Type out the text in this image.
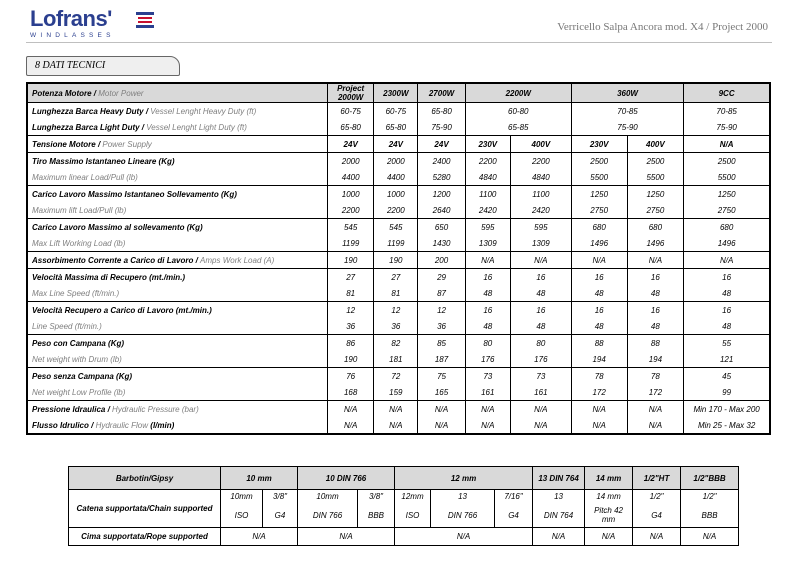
Lofrans'
WINDLASSES
Verricello Salpa Ancora mod. X4 / Project 2000
8 DATI TECNICI
Potenza Motore / Motor Power	Project 2000W	2300W	2700W	2200W		360W		9CC
Lunghezza Barca Heavy Duty / Vessel Lenght Heavy Duty (ft)	60-75	60-75	65-80	60-80		70-85		70-85
Lunghezza Barca Light Duty / Vessel Lenght Light Duty (ft)	65-80	65-80	75-90	65-85		75-90		75-90
Tensione Motore / Power Supply	24V	24V	24V	230V	400V	230V	400V	N/A
Tiro Massimo Istantaneo Lineare (Kg)	2000	2000	2400	2200	2200	2500	2500	2500
Maximum linear Load/Pull (lb)	4400	4400	5280	4840	4840	5500	5500	5500
Carico Lavoro Massimo Istantaneo Sollevamento (Kg)	1000	1000	1200	1100	1100	1250	1250	1250
Maximum lift Load/Pull (lb)	2200	2200	2640	2420	2420	2750	2750	2750
Carico Lavoro Massimo al sollevamento (Kg)	545	545	650	595	595	680	680	680
Max Lift Working Load (lb)	1199	1199	1430	1309	1309	1496	1496	1496
Assorbimento Corrente a Carico di Lavoro / Amps Work Load (A)	190	190	200	N/A	N/A	N/A	N/A	N/A
Velocità Massima di Recupero (mt./min.)	27	27	29	16	16	16	16	16
Max Line Speed (ft/min.)	81	81	87	48	48	48	48	48
Velocità Recupero a Carico di Lavoro (mt./min.)	12	12	12	16	16	16	16	16
Line Speed (ft/min.)	36	36	36	48	48	48	48	48
Peso con Campana (Kg)	86	82	85	80	80	88	88	55
Net weight with Drum (lb)	190	181	187	176	176	194	194	121
Peso senza Campana (Kg)	76	72	75	73	73	78	78	45
Net weight Low Profile (lb)	168	159	165	161	161	172	172	99
Pressione Idraulica / Hydraulic Pressure (bar)	N/A	N/A	N/A	N/A	N/A	N/A	N/A	Min 170 - Max 200
Flusso Idrulico / Hydraulic Flow (l/min)	N/A	N/A	N/A	N/A	N/A	N/A	N/A	Min 25 - Max 32
Barbotin/Gipsy	10 mm		10 DIN 766		12 mm			13 DIN 764	14 mm	1/2"HT	1/2"BBB
Catena supportata/Chain supported	10mm	3/8"	10mm	3/8"	12mm	13	7/16"	13	14 mm	1/2"	1/2"
	ISO	G4	DIN 766	BBB	ISO	DIN 766	G4	DIN 764	Pitch 42 mm	G4	BBB
Cima supportata/Rope supported	N/A		N/A		N/A			N/A	N/A	N/A	N/A
